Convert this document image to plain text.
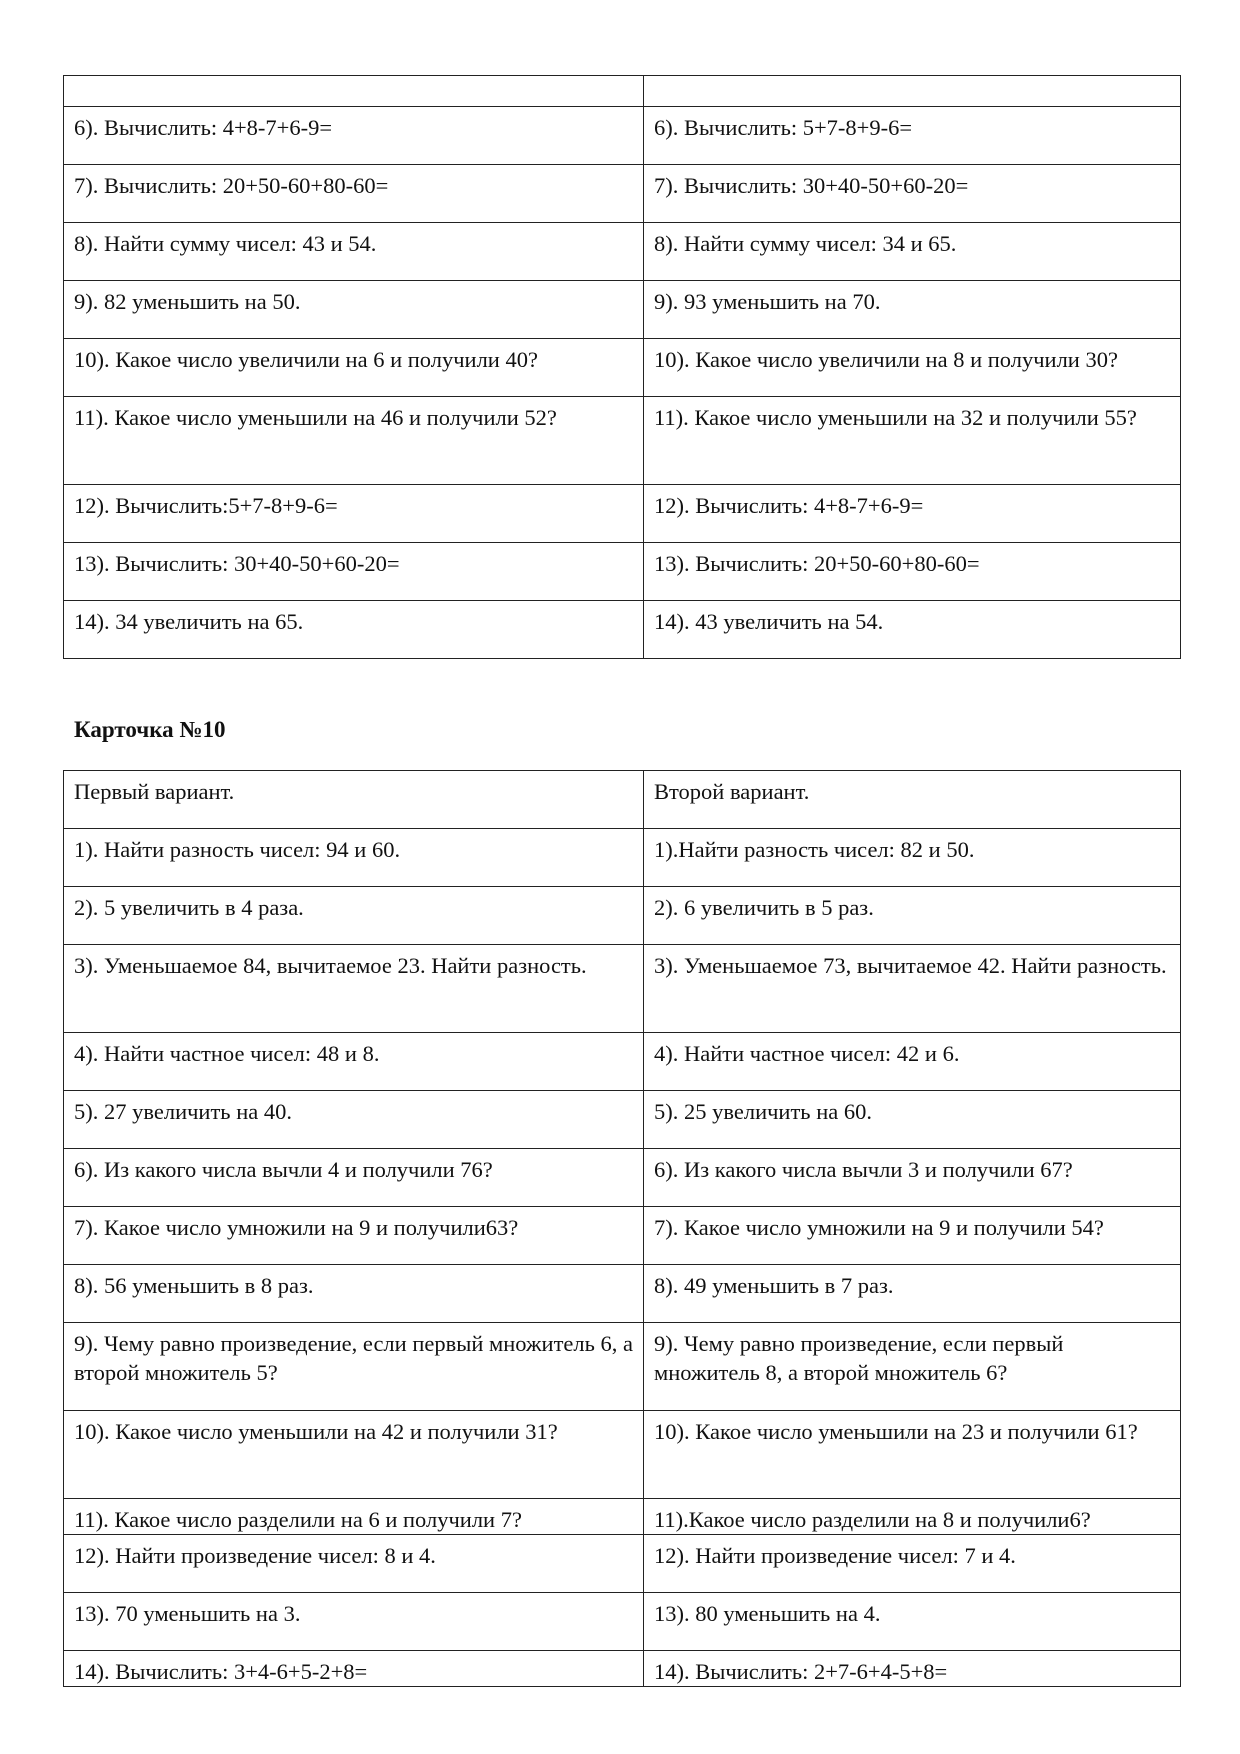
6). Вычислить: 4+8-7+6-9=	6). Вычислить: 5+7-8+9-6=
7). Вычислить: 20+50-60+80-60=	7). Вычислить: 30+40-50+60-20=
8). Найти сумму чисел: 43 и 54.	8). Найти сумму чисел: 34 и 65.
9). 82 уменьшить на 50.	9). 93 уменьшить на 70.
10). Какое число увеличили на 6 и получили 40?	10). Какое число увеличили на 8 и получили 30?
11). Какое число уменьшили на 46 и получили 52?	11). Какое число уменьшили на 32 и получили 55?
12). Вычислить:5+7-8+9-6=	12). Вычислить: 4+8-7+6-9=
13). Вычислить: 30+40-50+60-20=	13). Вычислить: 20+50-60+80-60=
14). 34 увеличить на 65.	14). 43 увеличить на 54.
Карточка №10
Первый вариант.	Второй вариант.
1). Найти разность чисел: 94 и 60.	1).Найти разность чисел: 82 и 50.
2). 5 увеличить в 4 раза.	2). 6 увеличить в 5 раз.
3). Уменьшаемое 84, вычитаемое 23. Найти разность.	3). Уменьшаемое 73, вычитаемое 42. Найти разность.
4). Найти частное чисел: 48 и 8.	4). Найти частное чисел: 42 и 6.
5). 27 увеличить на 40.	5). 25 увеличить на 60.
6). Из какого числа вычли 4 и получили 76?	6). Из какого числа вычли 3 и получили 67?
7). Какое число умножили на 9 и получили63?	7). Какое число умножили на 9 и получили 54?
8). 56 уменьшить в 8 раз.	8). 49 уменьшить в 7 раз.
9). Чему равно произведение, если первый множитель 6, а второй множитель 5?	9). Чему равно произведение, если первый множитель 8, а второй множитель 6?
10). Какое число уменьшили на 42 и получили 31?	10). Какое число уменьшили на 23 и получили 61?
11). Какое число разделили на 6 и получили 7?	11).Какое число разделили на 8 и получили6?
12). Найти произведение чисел: 8 и 4.	12). Найти произведение чисел: 7 и 4.
13). 70 уменьшить на 3.	13). 80 уменьшить на 4.
14). Вычислить: 3+4-6+5-2+8=	14). Вычислить: 2+7-6+4-5+8=
